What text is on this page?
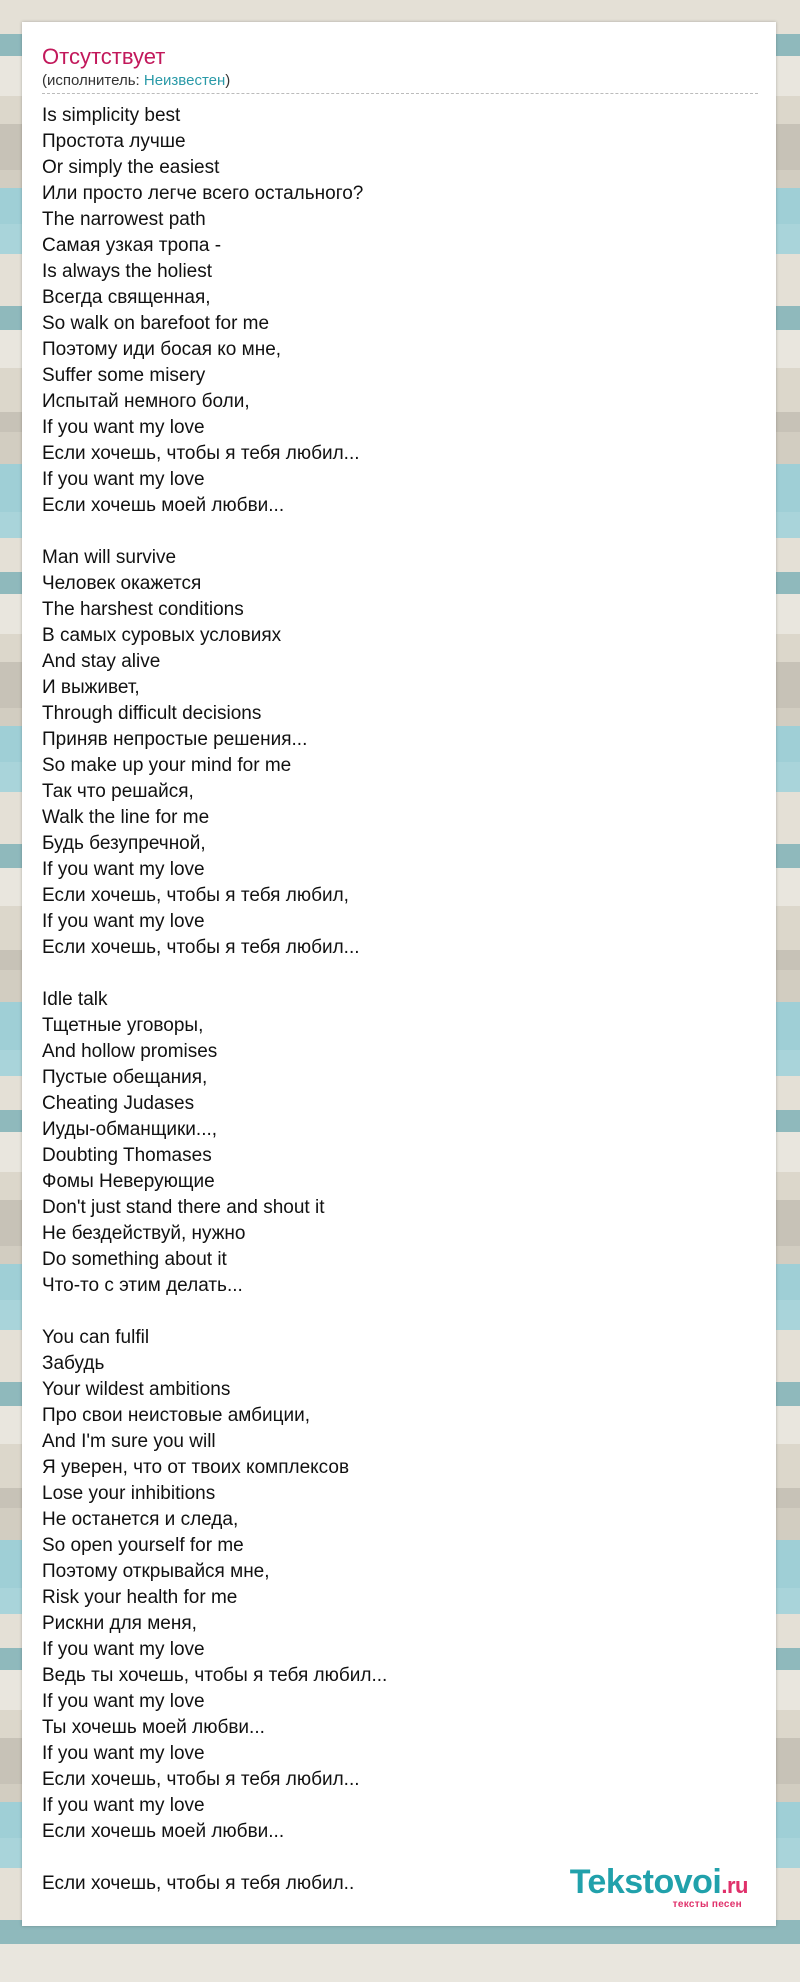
Отсутствует
(исполнитель: Неизвестен)
Is simplicity best
Простота лучше
Or simply the easiest
Или просто легче всего остального?
The narrowest path
Самая узкая тропа -
Is always the holiest
Всегда священная,
So walk on barefoot for me
Поэтому иди босая ко мне,
Suffer some misery
Испытай немного боли,
If you want my love
Если хочешь, чтобы я тебя любил...
If you want my love
Если хочешь моей любви...
Man will survive
Человек окажется
The harshest conditions
В самых суровых условиях
And stay alive
И выживет,
Through difficult decisions
Приняв непростые решения...
So make up your mind for me
Так что решайся,
Walk the line for me
Будь безупречной,
If you want my love
Если хочешь, чтобы я тебя любил,
If you want my love
Если хочешь, чтобы я тебя любил...
Idle talk
Тщетные уговоры,
And hollow promises
Пустые обещания,
Cheating Judases
Иуды-обманщики...,
Doubting Thomases
Фомы Неверующие
Don't just stand there and shout it
Не бездействуй, нужно
Do something about it
Что-то с этим делать...
You can fulfil
Забудь
Your wildest ambitions
Про свои неистовые амбиции,
And I'm sure you will
Я уверен, что от твоих комплексов
Lose your inhibitions
Не останется и следа,
So open yourself for me
Поэтому открывайся мне,
Risk your health for me
Рискни для меня,
If you want my love
Ведь ты хочешь, чтобы я тебя любил...
If you want my love
Ты хочешь моей любви...
If you want my love
Если хочешь, чтобы я тебя любил...
If you want my love
Если хочешь моей любви...
Если хочешь, чтобы я тебя любил..	Tekstovoi.ru
тексты песен
